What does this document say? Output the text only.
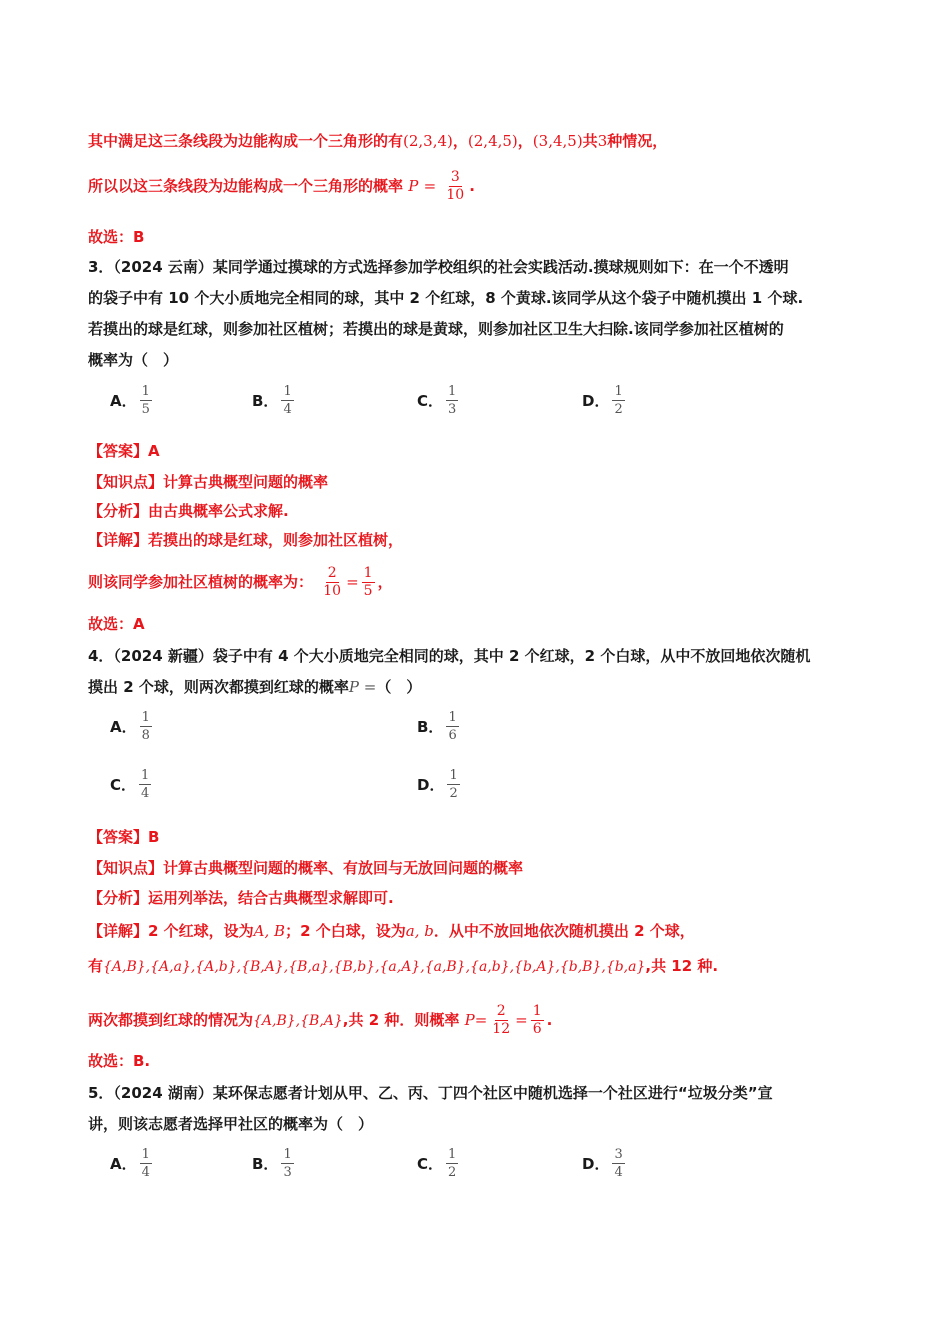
其中满足这三条线段为边能构成一个三角形的有(2,3,4)，(2,4,5)，(3,4,5)共3种情况，
所以以这三条线段为边能构成一个三角形的概率 $P = \frac{3}{10}$ .
故选：B
3．（2024 云南）某同学通过摸球的方式选择参加学校组织的社会实践活动.摸球规则如下：在一个不透明
的袋子中有 10 个大小质地完全相同的球，其中 2 个红球，8 个黄球.该同学从这个袋子中随机摸出 1 个球.
若摸出的球是红球，则参加社区植树；若摸出的球是黄球，则参加社区卫生大扫除.该同学参加社区植树的
概率为（　）
A． $\frac{1}{5}$	B． $\frac{1}{4}$	C． $\frac{1}{3}$	D． $\frac{1}{2}$
【答案】A
【知识点】计算古典概型问题的概率
【分析】由古典概率公式求解.
【详解】若摸出的球是红球，则参加社区植树，
则该同学参加社区植树的概率为： $\frac{2}{10} = \frac{1}{5}$ ，
故选：A
4．（2024 新疆）袋子中有 4 个大小质地完全相同的球，其中 2 个红球，2 个白球，从中不放回地依次随机
摸出 2 个球，则两次都摸到红球的概率P =（　）
A． $\frac{1}{8}$	B． $\frac{1}{6}$
C． $\frac{1}{4}$	D． $\frac{1}{2}$
【答案】B
【知识点】计算古典概型问题的概率、有放回与无放回问题的概率
【分析】运用列举法，结合古典概型求解即可.
【详解】2 个红球，设为A, B；2 个白球，设为a, b．从中不放回地依次随机摸出 2 个球，
有{A,B},{A,a},{A,b},{B,A},{B,a},{B,b},{a,A},{a,B},{a,b},{b,A},{b,B},{b,a},共 12 种.
两次都摸到红球的情况为{A,B},{B,A},共 2 种．则概率 $P= \frac{2}{12} = \frac{1}{6}$ .
故选：B.
5．（2024 湖南）某环保志愿者计划从甲、乙、丙、丁四个社区中随机选择一个社区进行“垃圾分类”宣
讲，则该志愿者选择甲社区的概率为（　）
A． $\frac{1}{4}$	B． $\frac{1}{3}$	C． $\frac{1}{2}$	D． $\frac{3}{4}$
